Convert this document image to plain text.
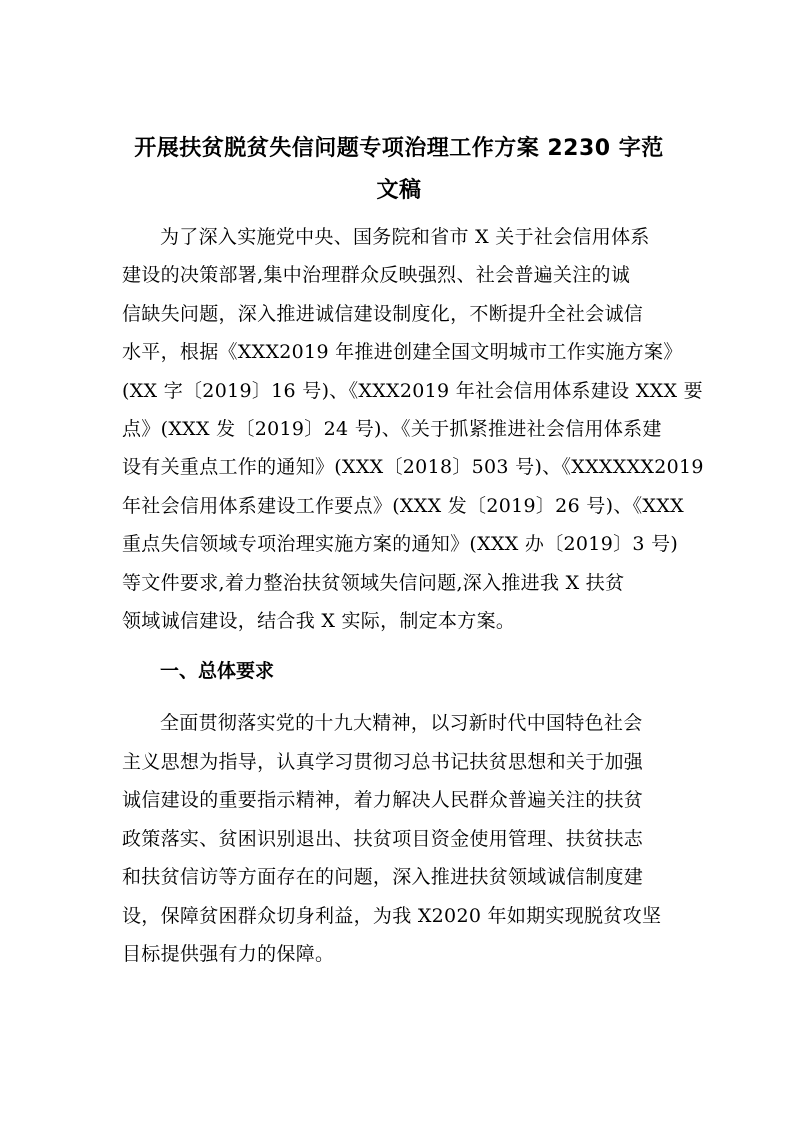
开展扶贫脱贫失信问题专项治理工作方案 2230 字范
文稿
为了深入实施党中央、国务院和省市 X 关于社会信用体系
建设的决策部署,集中治理群众反映强烈、社会普遍关注的诚
信缺失问题，深入推进诚信建设制度化，不断提升全社会诚信
水平，根据《XXX2019 年推进创建全国文明城市工作实施方案》
(XX 字〔2019〕16 号)、《XXX2019 年社会信用体系建设 XXX 要
点》(XXX 发〔2019〕24 号)、《关于抓紧推进社会信用体系建
设有关重点工作的通知》(XXX〔2018〕503 号)、《XXXXXX2019
年社会信用体系建设工作要点》(XXX 发〔2019〕26 号)、《XXX
重点失信领域专项治理实施方案的通知》(XXX 办〔2019〕3 号)
等文件要求,着力整治扶贫领域失信问题,深入推进我 X 扶贫
领域诚信建设，结合我 X 实际，制定本方案。
一、总体要求
全面贯彻落实党的十九大精神，以习新时代中国特色社会
主义思想为指导，认真学习贯彻习总书记扶贫思想和关于加强
诚信建设的重要指示精神，着力解决人民群众普遍关注的扶贫
政策落实、贫困识别退出、扶贫项目资金使用管理、扶贫扶志
和扶贫信访等方面存在的问题，深入推进扶贫领域诚信制度建
设，保障贫困群众切身利益，为我 X2020 年如期实现脱贫攻坚
目标提供强有力的保障。
